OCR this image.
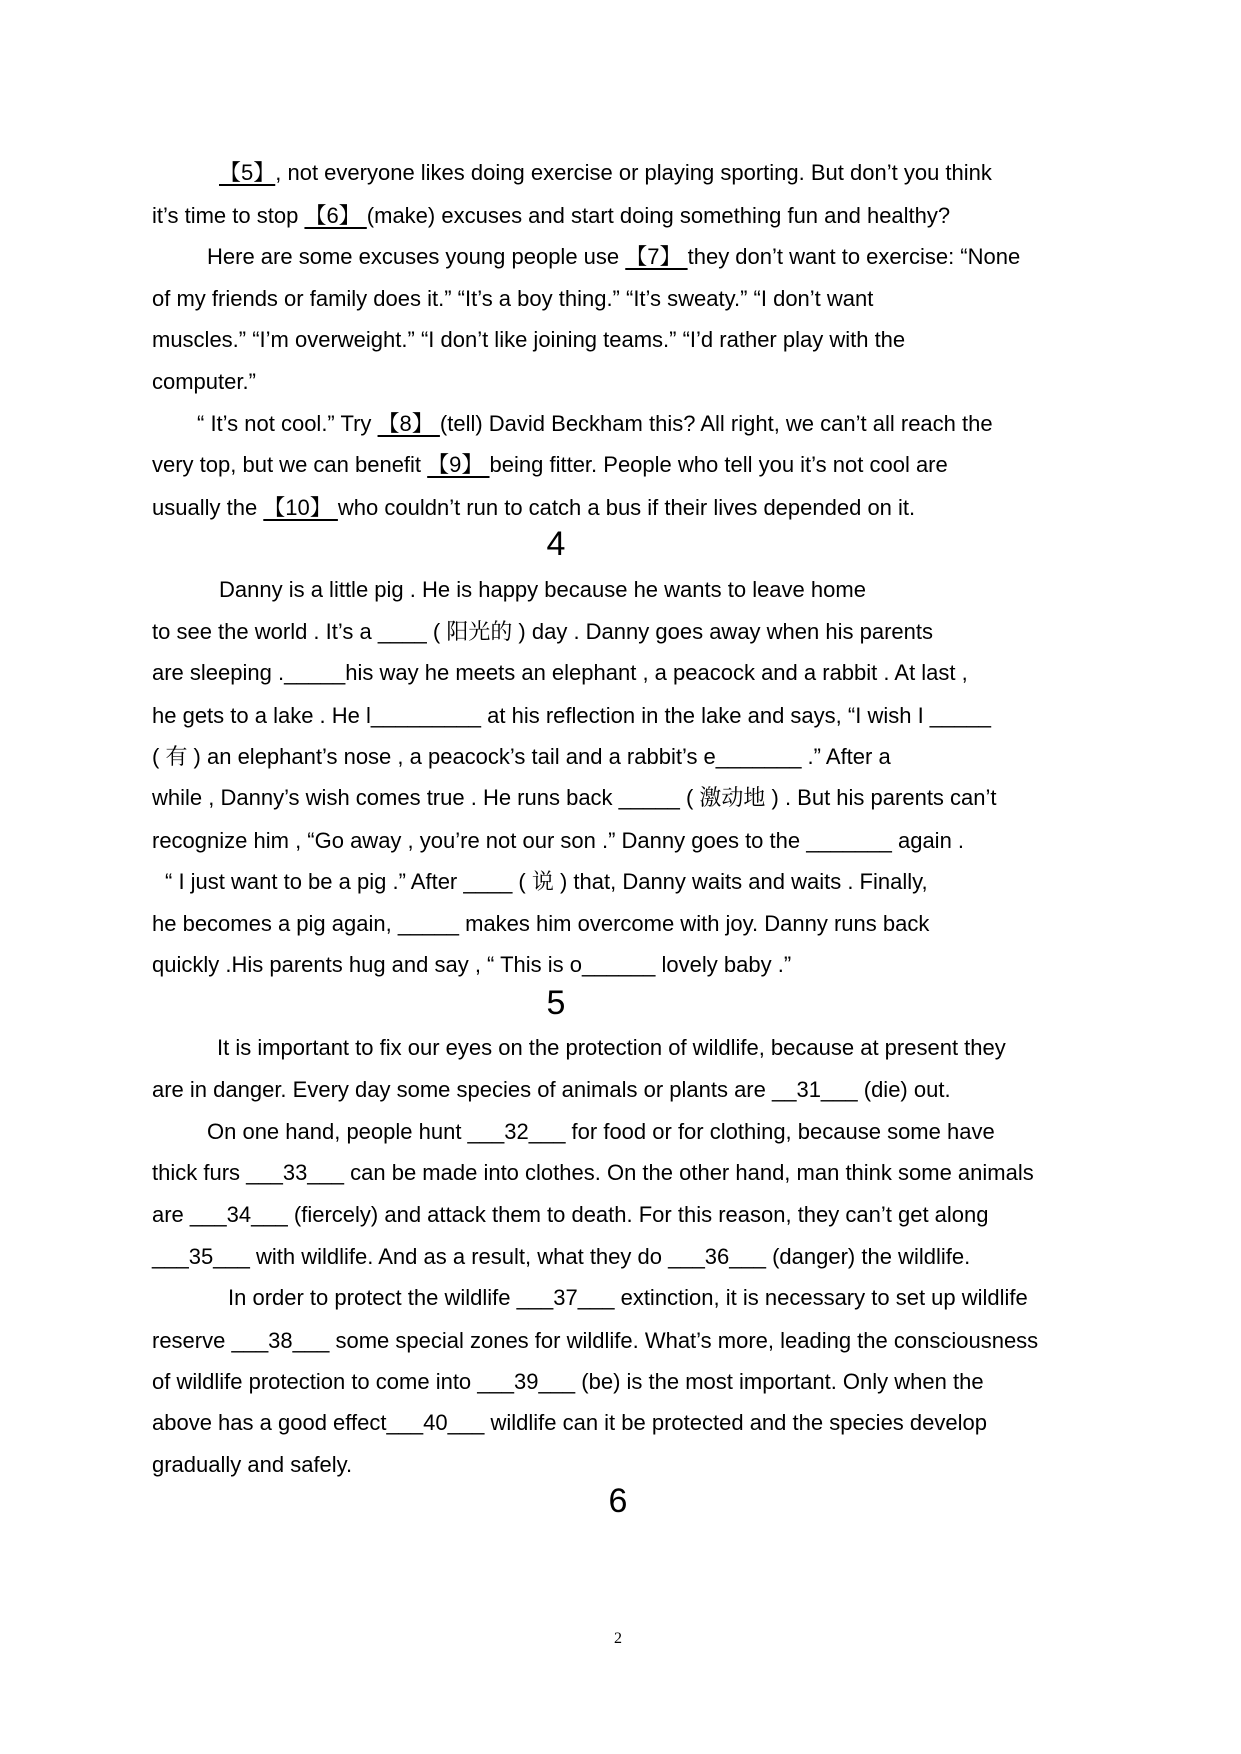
【5】, not everyone likes doing exercise or playing sporting. But don’t you think
it’s time to stop 【6】 (make) excuses and start doing something fun and healthy?
Here are some excuses young people use 【7】 they don’t want to exercise: “None
of my friends or family does it.” “It’s a boy thing.” “It’s sweaty.” “I don’t want
muscles.” “I’m overweight.” “I don’t like joining teams.” “I’d rather play with the
computer.”
“ It’s not cool.” Try 【8】 (tell) David Beckham this? All right, we can’t all reach the
very top, but we can benefit 【9】 being fitter. People who tell you it’s not cool are
usually the 【10】 who couldn’t run to catch a bus if their lives depended on it.
Danny is a little pig . He is happy because he wants to leave home
to see the world . It’s a ____ ( 阳光的 ) day . Danny goes away when his parents
are sleeping ._____his way he meets an elephant , a peacock and a rabbit . At last ,
he gets to a lake . He l_________ at his reflection in the lake and says, “I wish I _____
( 有 ) an elephant’s nose , a peacock’s tail and a rabbit’s e_______ .” After a
while , Danny’s wish comes true . He runs back _____ ( 激动地 ) . But his parents can’t
recognize him , “Go away , you’re not our son .” Danny goes to the _______ again .
“ I just want to be a pig .” After ____ ( 说 ) that, Danny waits and waits . Finally,
he becomes a pig again, _____ makes him overcome with joy. Danny runs back
quickly .His parents hug and say , “ This is o______ lovely baby .”
It is important to fix our eyes on the protection of wildlife, because at present they
are in danger. Every day some species of animals or plants are __31___ (die) out.
On one hand, people hunt ___32___ for food or for clothing, because some have
thick furs ___33___ can be made into clothes. On the other hand, man think some animals
are ___34___ (fiercely) and attack them to death. For this reason, they can’t get along
___35___ with wildlife. And as a result, what they do ___36___ (danger) the wildlife.
In order to protect the wildlife ___37___ extinction, it is necessary to set up wildlife
reserve ___38___ some special zones for wildlife. What’s more, leading the consciousness
of wildlife protection to come into ___39___ (be) is the most important. Only when the
above has a good effect___40___ wildlife can it be protected and the species develop
gradually and safely.
4
5
6
2
